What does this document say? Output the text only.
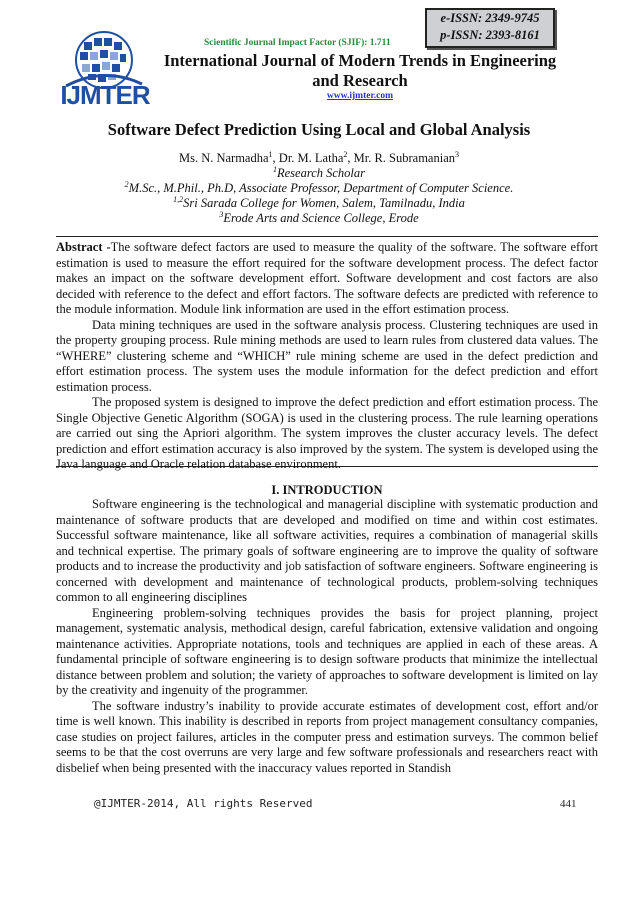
IJMTER
Scientific Journal Impact Factor (SJIF): 1.711
e-ISSN: 2349-9745
p-ISSN: 2393-8161
International Journal of Modern Trends in Engineering
and Research
www.ijmter.com
Software Defect Prediction Using Local and Global Analysis
Ms. N. Narmadha$^1$, Dr. M. Latha$^2$, Mr. R. Subramanian$^3$
$^1$Research Scholar
$^2$M.Sc., M.Phil., Ph.D, Associate Professor, Department of Computer Science.
$^{1,2}$Sri Sarada College for Women, Salem, Tamilnadu, India
$^3$Erode Arts and Science College, Erode

Abstract -The software defect factors are used to measure the quality of the software. The software effort estimation is used to measure the effort required for the software development process. The defect factor makes an impact on the software development effort. Software development and cost factors are also decided with reference to the defect and effort factors. The software defects are predicted with reference to the module information. Module link information are used in the effort estimation process.

Data mining techniques are used in the software analysis process. Clustering techniques are used in the property grouping process. Rule mining methods are used to learn rules from clustered data values. The “WHERE” clustering scheme and “WHICH” rule mining scheme are used in the defect prediction and effort estimation process. The system uses the module information for the defect prediction and effort estimation process.

The proposed system is designed to improve the defect prediction and effort estimation process. The Single Objective Genetic Algorithm (SOGA) is used in the clustering process. The rule learning operations are carried out sing the Apriori algorithm. The system improves the cluster accuracy levels. The defect prediction and effort estimation accuracy is also improved by the system. The system is developed using the Java language and Oracle relation database environment.

I. INTRODUCTION

Software engineering is the technological and managerial discipline with systematic production and maintenance of software products that are developed and modified on time and within cost estimates. Successful software maintenance, like all software activities, requires a combination of managerial skills and technical expertise. The primary goals of software engineering are to improve the quality of software products and to increase the productivity and job satisfaction of software engineers. Software engineering is concerned with development and maintenance of technological products, problem-solving techniques common to all engineering disciplines

Engineering problem-solving techniques provides the basis for project planning, project management, systematic analysis, methodical design, careful fabrication, extensive validation and ongoing maintenance activities. Appropriate notations, tools and techniques are applied in each of these areas. A fundamental principle of software engineering is to design software products that minimize the intellectual distance between problem and solution; the variety of approaches to software development is limited on lay by the creativity and ingenuity of the programmer.

The software industry’s inability to provide accurate estimates of development cost, effort and/or time is well known. This inability is described in reports from project management consultancy companies, case studies on project failures, articles in the computer press and estimation surveys. The common belief seems to be that the cost overruns are very large and few software professionals and researchers react with disbelief when being presented with the inaccuracy values reported in Standish

@IJMTER-2014, All rights Reserved	441
